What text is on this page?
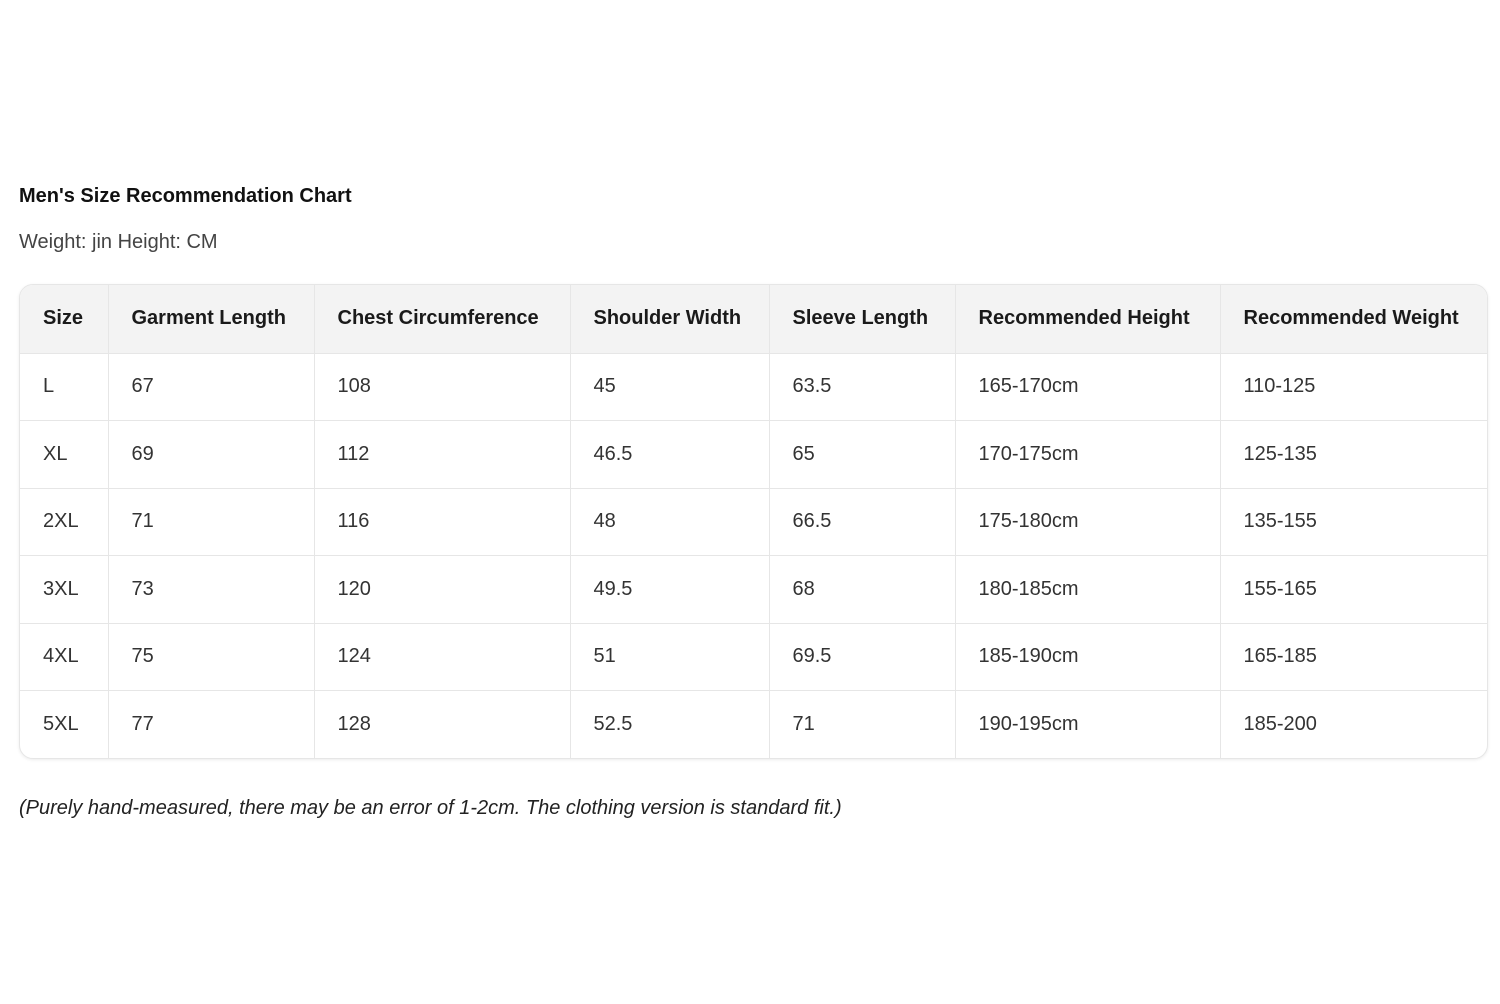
Men's Size Recommendation Chart
Weight: jin Height: CM
Size	Garment Length	Chest Circumference	Shoulder Width	Sleeve Length	Recommended Height	Recommended Weight
L	67	108	45	63.5	165-170cm	110-125
XL	69	112	46.5	65	170-175cm	125-135
2XL	71	116	48	66.5	175-180cm	135-155
3XL	73	120	49.5	68	180-185cm	155-165
4XL	75	124	51	69.5	185-190cm	165-185
5XL	77	128	52.5	71	190-195cm	185-200
(Purely hand-measured, there may be an error of 1-2cm. The clothing version is standard fit.)
